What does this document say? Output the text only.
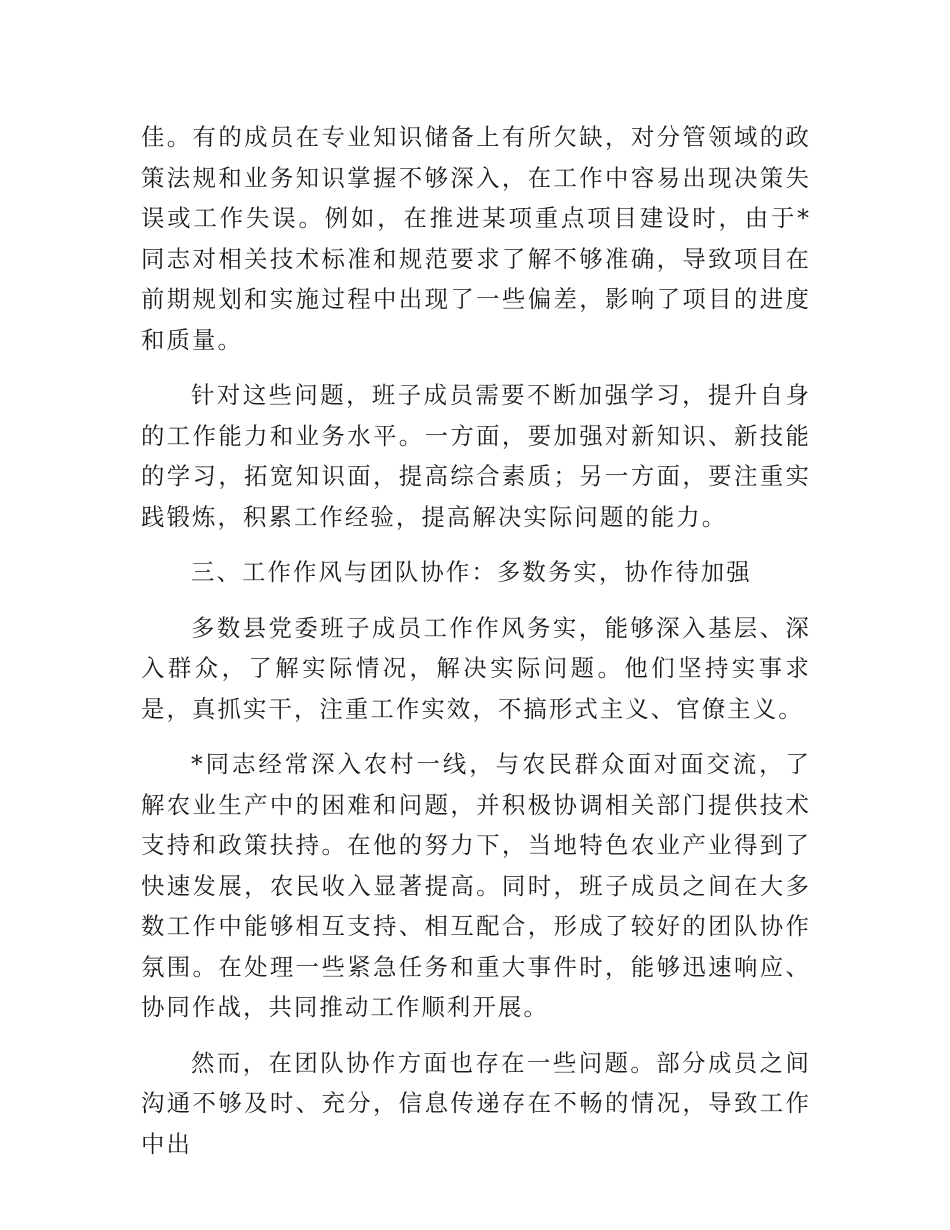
佳。有的成员在专业知识储备上有所欠缺，对分管领域的政策法规和业务知识掌握不够深入，在工作中容易出现决策失误或工作失误。例如，在推进某项重点项目建设时，由于*同志对相关技术标准和规范要求了解不够准确，导致项目在前期规划和实施过程中出现了一些偏差，影响了项目的进度和质量。

针对这些问题，班子成员需要不断加强学习，提升自身的工作能力和业务水平。一方面，要加强对新知识、新技能的学习，拓宽知识面，提高综合素质；另一方面，要注重实践锻炼，积累工作经验，提高解决实际问题的能力。

三、工作作风与团队协作：多数务实，协作待加强

多数县党委班子成员工作作风务实，能够深入基层、深入群众，了解实际情况，解决实际问题。他们坚持实事求是，真抓实干，注重工作实效，不搞形式主义、官僚主义。

*同志经常深入农村一线，与农民群众面对面交流，了解农业生产中的困难和问题，并积极协调相关部门提供技术支持和政策扶持。在他的努力下，当地特色农业产业得到了快速发展，农民收入显著提高。同时，班子成员之间在大多数工作中能够相互支持、相互配合，形成了较好的团队协作氛围。在处理一些紧急任务和重大事件时，能够迅速响应、协同作战，共同推动工作顺利开展。

然而，在团队协作方面也存在一些问题。部分成员之间沟通不够及时、充分，信息传递存在不畅的情况，导致工作中出
